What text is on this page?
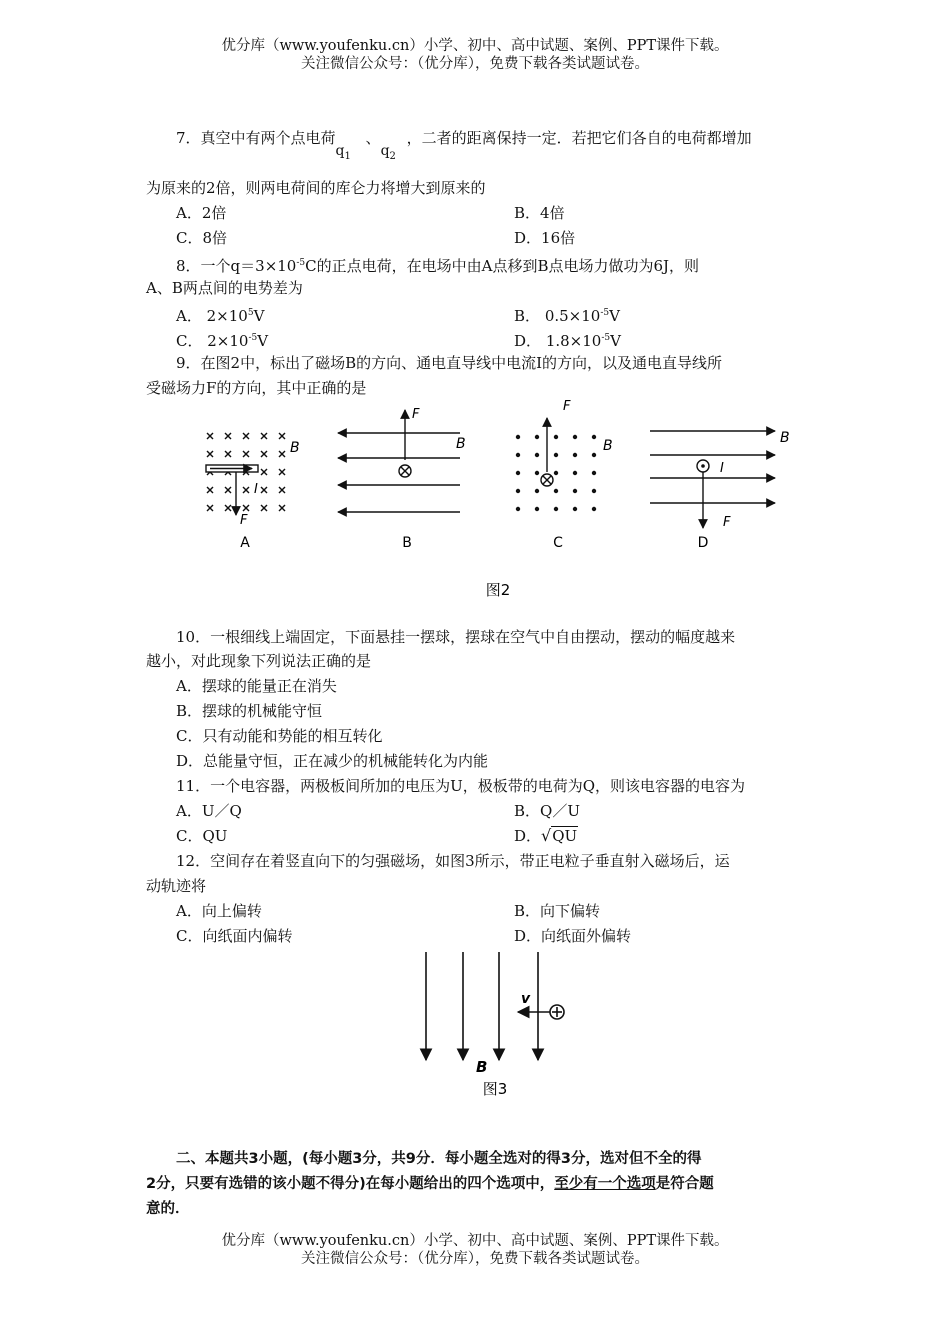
优分库（www.youfenku.cn）小学、初中、高中试题、案例、PPT课件下载。
关注微信公众号：（优分库），免费下载各类试题试卷。
7．真空中有两个点电荷$q_1$、$q_2$，二者的距离保持一定．若把它们各自的电荷都增加
为原来的2倍，则两电荷间的库仑力将增大到原来的
A．2倍	B．4倍
C．8倍	D．16倍
8．一个$q=3\times 10^{-5}C$的正点电荷，在电场中由A点移到B点电场力做功为6J，则
A、B两点间的电势差为
A． $2\times 10^5V$	B． $0.5\times 10^{-5}V$
C． $2\times 10^{-5}V$	D． $1.8\times 10^{-5}V$
9．在图2中，标出了磁场B的方向、通电直导线中电流I的方向，以及通电直导线所
受磁场力F的方向，其中正确的是
B
I
F
A
F
B
B
F
B
C
B
I
F
D
图2
10．一根细线上端固定，下面悬挂一摆球，摆球在空气中自由摆动，摆动的幅度越来
越小，对此现象下列说法正确的是
A．摆球的能量正在消失
B．摆球的机械能守恒
C．只有动能和势能的相互转化
D．总能量守恒，正在减少的机械能转化为内能
11．一个电容器，两极板间所加的电压为U，极板带的电荷为Q，则该电容器的电容为
A．U／Q	B．Q／U
C．QU	D．√QU
12．空间存在着竖直向下的匀强磁场，如图3所示，带正电粒子垂直射入磁场后，运
动轨迹将
A．向上偏转	B．向下偏转
C．向纸面内偏转	D．向纸面外偏转
v
B
图3
二、本题共3小题，(每小题3分，共9分．每小题全选对的得3分，选对但不全的得
2分，只要有选错的该小题不得分)在每小题给出的四个选项中，至少有一个选项是符合题
意的．
优分库（www.youfenku.cn）小学、初中、高中试题、案例、PPT课件下载。
关注微信公众号：（优分库），免费下载各类试题试卷。
